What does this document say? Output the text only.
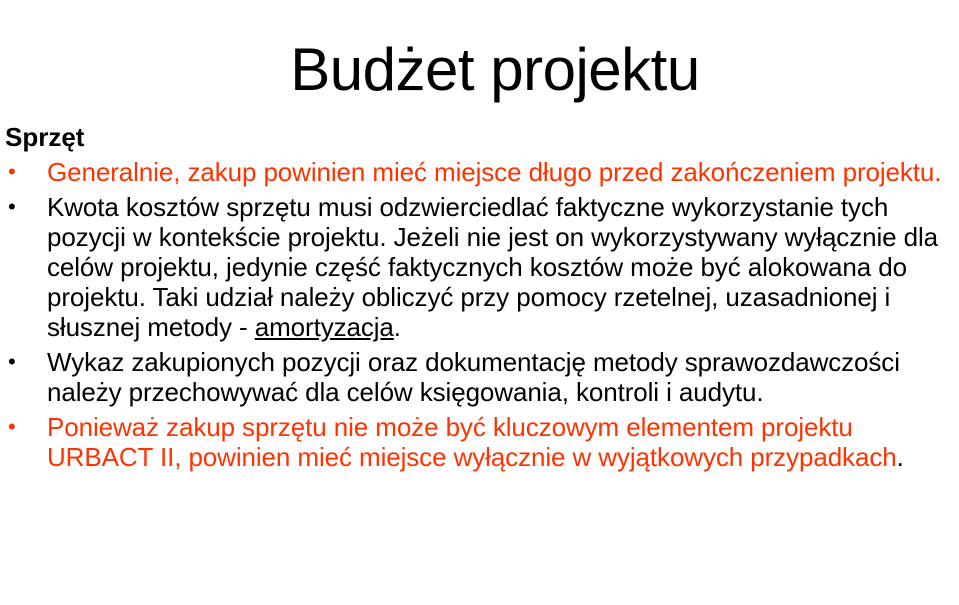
Budżet projektu
Sprzęt
• Generalnie, zakup powinien mieć miejsce długo przed zakończeniem projektu.
• Kwota kosztów sprzętu musi odzwierciedlać faktyczne wykorzystanie tych pozycji w kontekście projektu. Jeżeli nie jest on wykorzystywany wyłącznie dla celów projektu, jedynie część faktycznych kosztów może być alokowana do projektu. Taki udział należy obliczyć przy pomocy rzetelnej, uzasadnionej i słusznej metody - amortyzacja.
• Wykaz zakupionych pozycji oraz dokumentację metody sprawozdawczości należy przechowywać dla celów księgowania, kontroli i audytu.
• Ponieważ zakup sprzętu nie może być kluczowym elementem projektu URBACT II, powinien mieć miejsce wyłącznie w wyjątkowych przypadkach.
